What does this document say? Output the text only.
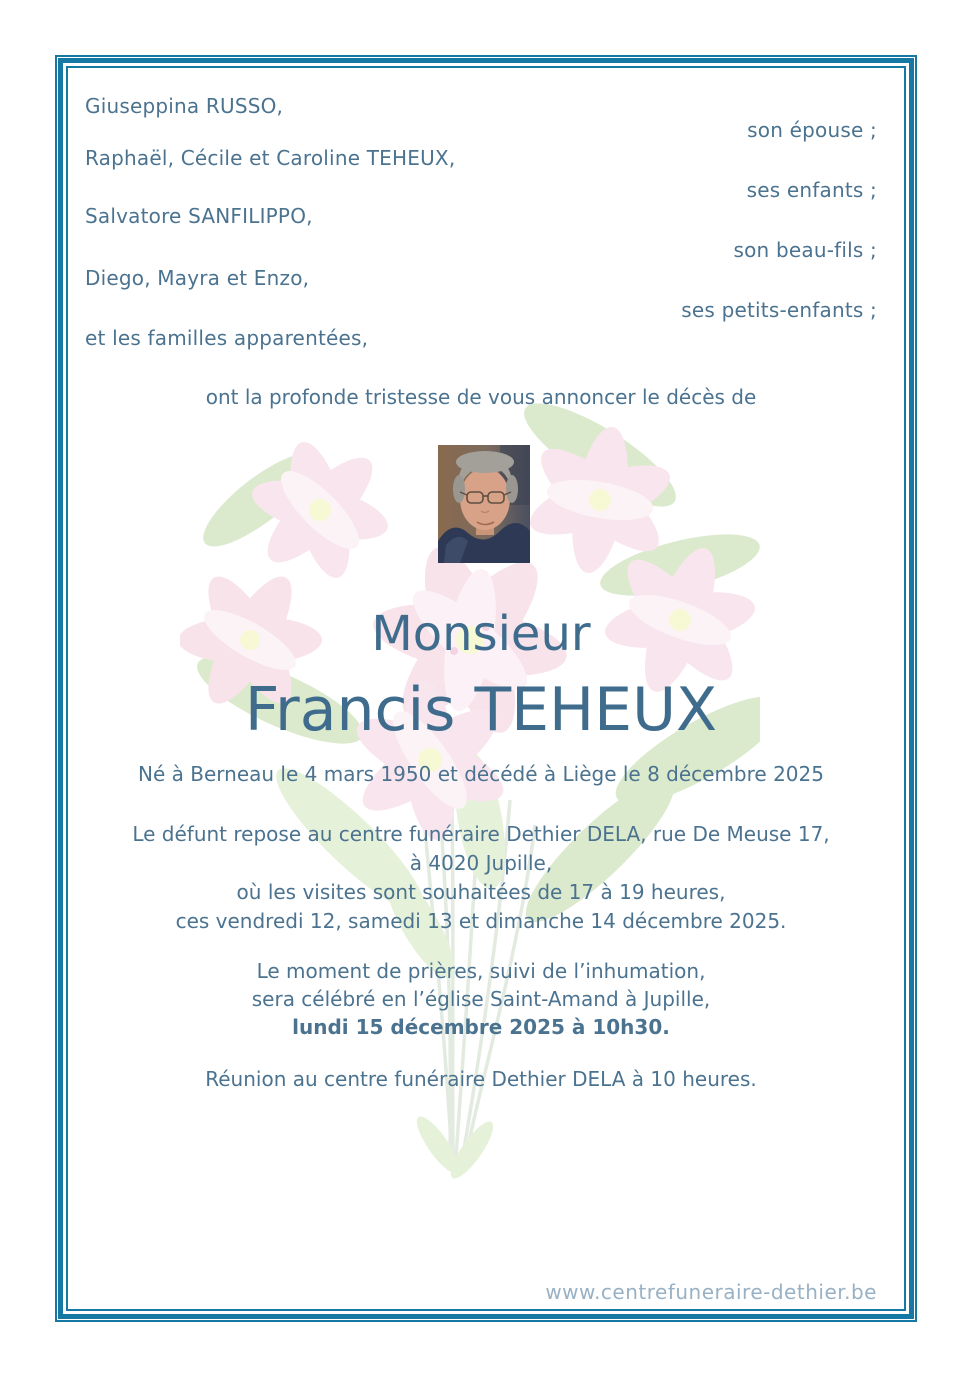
Giuseppina RUSSO,
son épouse ;
Raphaël, Cécile et Caroline TEHEUX,
ses enfants ;
Salvatore SANFILIPPO,
son beau-fils ;
Diego, Mayra et Enzo,
ses petits-enfants ;
et les familles apparentées,
ont la profonde tristesse de vous annoncer le décès de
Monsieur
Francis TEHEUX
Né à Berneau le 4 mars 1950 et décédé à Liège le 8 décembre 2025
Le défunt repose au centre funéraire Dethier DELA, rue De Meuse 17,
à 4020 Jupille,
où les visites sont souhaitées de 17 à 19 heures,
ces vendredi 12, samedi 13 et dimanche 14 décembre 2025.
Le moment de prières, suivi de l’inhumation,
sera célébré en l’église Saint-Amand à Jupille,
lundi 15 décembre 2025 à 10h30.
Réunion au centre funéraire Dethier DELA à 10 heures.
www.centrefuneraire-dethier.be
